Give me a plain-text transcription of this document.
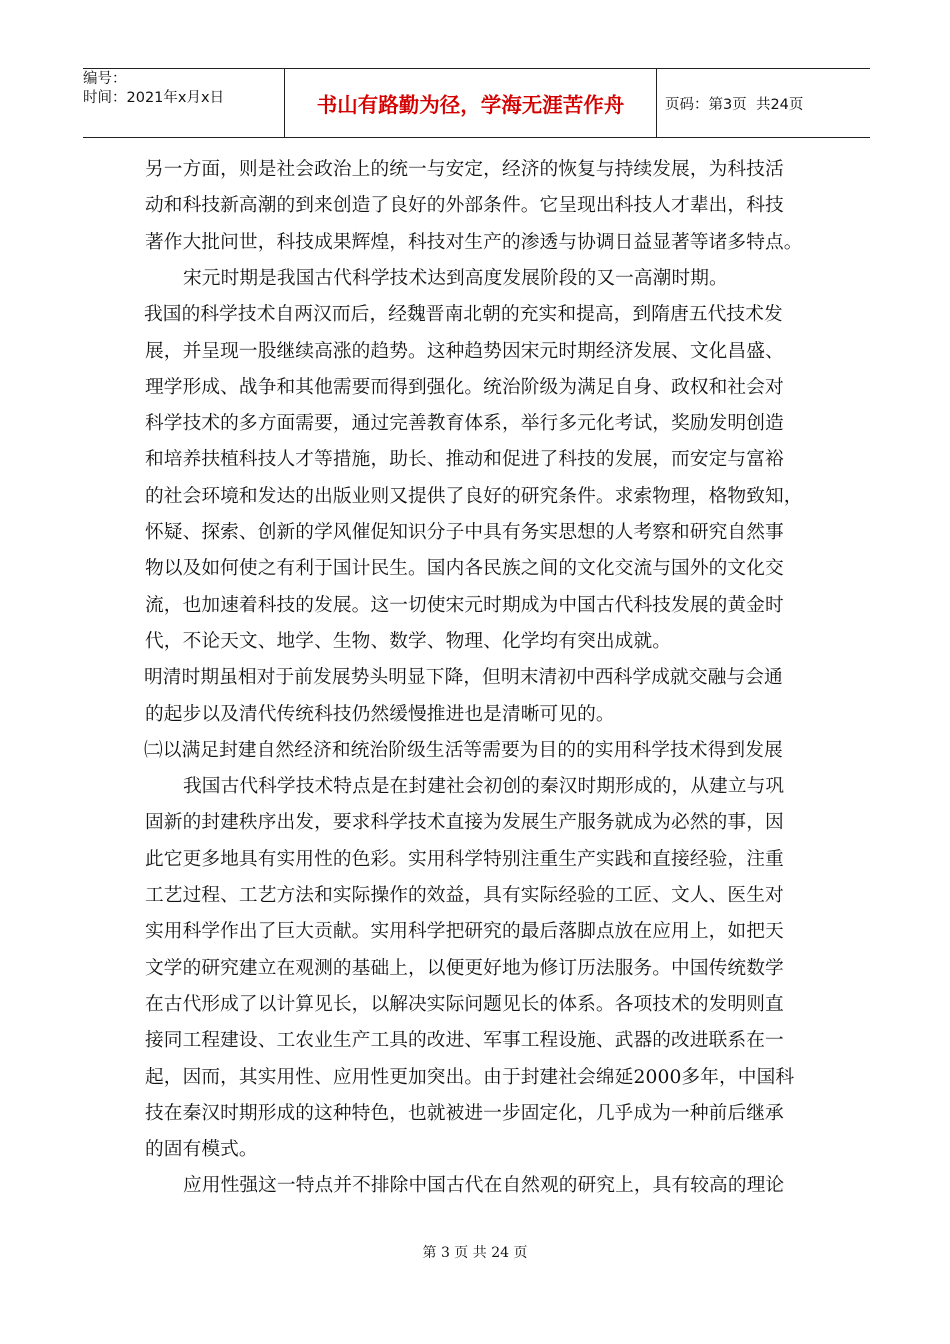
编号：
时间：2021年x月x日	书山有路勤为径，学海无涯苦作舟	页码：第3页  共24页
另一方面，则是社会政治上的统一与安定，经济的恢复与持续发展，为科技活
动和科技新高潮的到来创造了良好的外部条件。它呈现出科技人才辈出，科技
著作大批问世，科技成果辉煌，科技对生产的渗透与协调日益显著等诸多特点。
宋元时期是我国古代科学技术达到高度发展阶段的又一高潮时期。
我国的科学技术自两汉而后，经魏晋南北朝的充实和提高，到隋唐五代技术发
展，并呈现一股继续高涨的趋势。这种趋势因宋元时期经济发展、文化昌盛、
理学形成、战争和其他需要而得到强化。统治阶级为满足自身、政权和社会对
科学技术的多方面需要，通过完善教育体系，举行多元化考试，奖励发明创造
和培养扶植科技人才等措施，助长、推动和促进了科技的发展，而安定与富裕
的社会环境和发达的出版业则又提供了良好的研究条件。求索物理，格物致知，
怀疑、探索、创新的学风催促知识分子中具有务实思想的人考察和研究自然事
物以及如何使之有利于国计民生。国内各民族之间的文化交流与国外的文化交
流，也加速着科技的发展。这一切使宋元时期成为中国古代科技发展的黄金时
代，不论天文、地学、生物、数学、物理、化学均有突出成就。
明清时期虽相对于前发展势头明显下降，但明末清初中西科学成就交融与会通
的起步以及清代传统科技仍然缓慢推进也是清晰可见的。
㈡以满足封建自然经济和统治阶级生活等需要为目的的实用科学技术得到发展
我国古代科学技术特点是在封建社会初创的秦汉时期形成的，从建立与巩
固新的封建秩序出发，要求科学技术直接为发展生产服务就成为必然的事，因
此它更多地具有实用性的色彩。实用科学特别注重生产实践和直接经验，注重
工艺过程、工艺方法和实际操作的效益，具有实际经验的工匠、文人、医生对
实用科学作出了巨大贡献。实用科学把研究的最后落脚点放在应用上，如把天
文学的研究建立在观测的基础上，以便更好地为修订历法服务。中国传统数学
在古代形成了以计算见长，以解决实际问题见长的体系。各项技术的发明则直
接同工程建设、工农业生产工具的改进、军事工程设施、武器的改进联系在一
起，因而，其实用性、应用性更加突出。由于封建社会绵延2000多年，中国科
技在秦汉时期形成的这种特色，也就被进一步固定化，几乎成为一种前后继承
的固有模式。
应用性强这一特点并不排除中国古代在自然观的研究上，具有较高的理论
第 3 页 共 24 页
